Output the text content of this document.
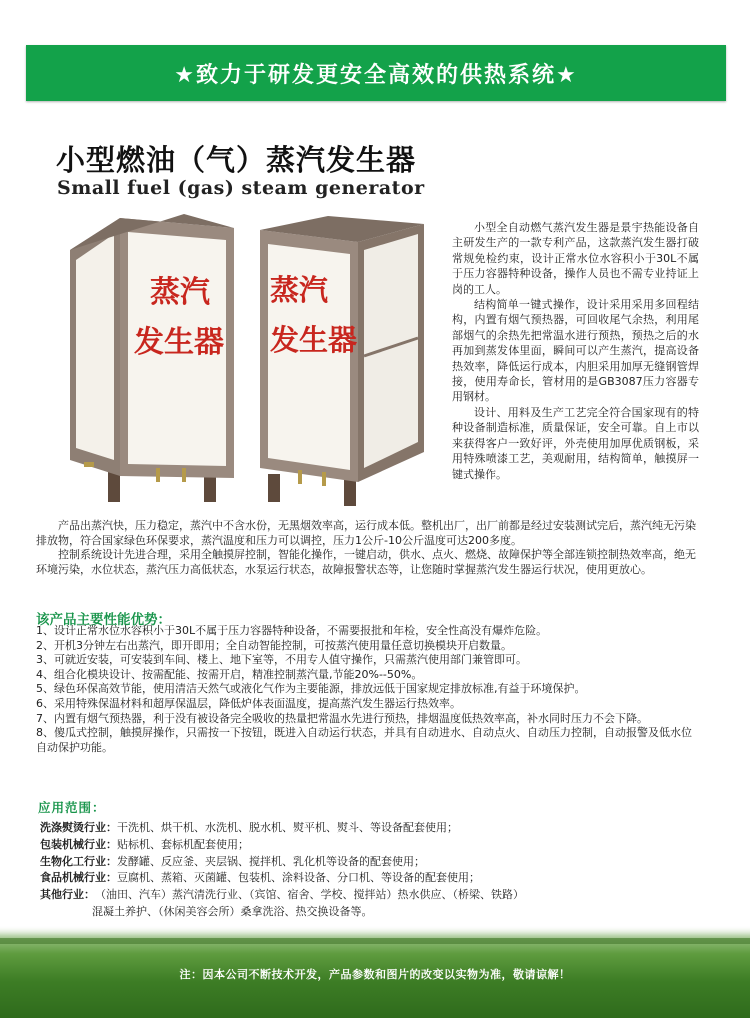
★致力于研发更安全高效的供热系统★
小型燃油（气）蒸汽发生器
Small fuel (gas) steam generator
蒸汽
发生器
蒸汽
发生器

小型全自动燃气蒸汽发生器是景宇热能设备自主研发生产的一款专利产品，这款蒸汽发生器打破常规免检约束，设计正常水位水容积小于30L不属于压力容器特种设备，操作人员也不需专业持证上岗的工人。

结构简单一键式操作，设计采用采用多回程结构，内置有烟气预热器，可回收尾气余热，利用尾部烟气的余热先把常温水进行预热，预热之后的水再加到蒸发体里面，瞬间可以产生蒸汽，提高设备热效率，降低运行成本，内胆采用加厚无缝钢管焊接，使用寿命长，管材用的是GB3087压力容器专用钢材。

设计、用料及生产工艺完全符合国家现有的特种设备制造标准，质量保证，安全可靠。自上市以来获得客户一致好评，外壳使用加厚优质钢板，采用特殊喷漆工艺，美观耐用，结构简单，触摸屏一键式操作。

产品出蒸汽快，压力稳定，蒸汽中不含水份，无黑烟效率高，运行成本低。整机出厂，出厂前都是经过安装测试完后，蒸汽纯无污染排放物，符合国家绿色环保要求，蒸汽温度和压力可以调控，压力1公斤-10公斤温度可达200多度。

控制系统设计先进合理，采用全触摸屏控制，智能化操作，一键启动，供水、点火、燃烧、故障保护等全部连锁控制热效率高，绝无环境污染，水位状态，蒸汽压力高低状态，水泵运行状态，故障报警状态等，让您随时掌握蒸汽发生器运行状况，使用更放心。

该产品主要性能优势：
1、设计正常水位水容积小于30L不属于压力容器特种设备，不需要报批和年检，安全性高没有爆炸危险。
2、开机3分钟左右出蒸汽，即开即用；全自动智能控制，可按蒸汽使用量任意切换模块开启数量。
3、可就近安装，可安装到车间、楼上、地下室等，不用专人值守操作，只需蒸汽使用部门兼管即可。
4、组合化模块设计、按需配能、按需开启，精准控制蒸汽量,节能20%--50%。
5、绿色环保高效节能，使用清洁天然气或液化气作为主要能源，排放远低于国家规定排放标准,有益于环境保护。
6、采用特殊保温材料和超厚保温层，降低炉体表面温度，提高蒸汽发生器运行热效率。
7、内置有烟气预热器，利于没有被设备完全吸收的热量把常温水先进行预热，排烟温度低热效率高，补水同时压力不会下降。
8、傻瓜式控制，触摸屏操作，只需按一下按钮，既进入自动运行状态，并具有自动进水、自动点火、自动压力控制，自动报警及低水位自动保护功能。
应用范围：
洗涤熨烫行业： 干洗机、烘干机、水洗机、脱水机、熨平机、熨斗、等设备配套使用；
包装机械行业： 贴标机、套标机配套使用；
生物化工行业： 发酵罐、反应釜、夹层锅、搅拌机、乳化机等设备的配套使用；
食品机械行业： 豆腐机、蒸箱、灭菌罐、包装机、涂料设备、分口机、等设备的配套使用；
其他行业： （油田、汽车）蒸汽清洗行业、（宾馆、宿舍、学校、搅拌站）热水供应、（桥梁、铁路）
混凝土养护、（休闲美容会所）桑拿洗浴、热交换设备等。
注：因本公司不断技术开发，产品参数和图片的改变以实物为准，敬请谅解！
